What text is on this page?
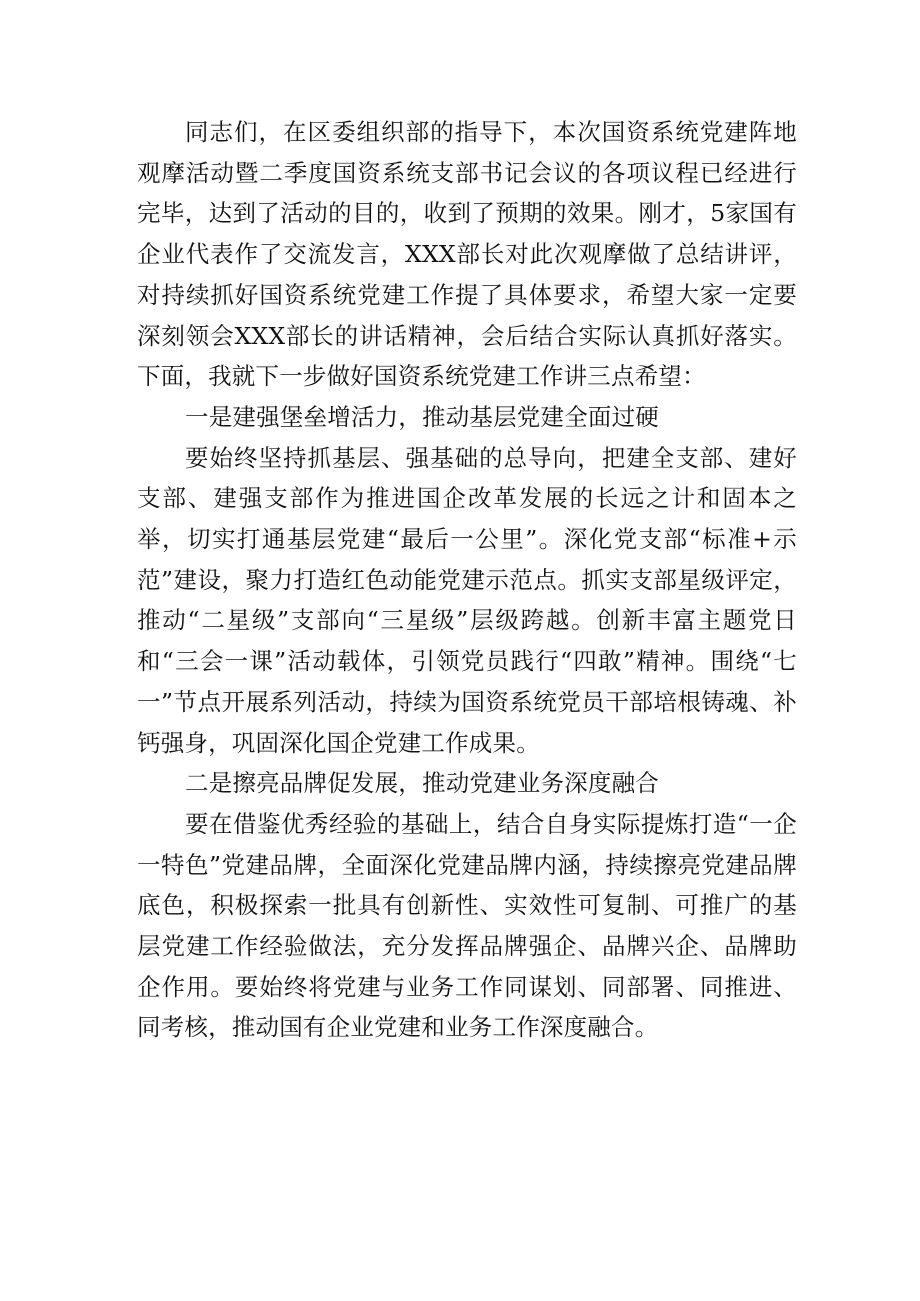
同志们，在区委组织部的指导下，本次国资系统党建阵地观摩活动暨二季度国资系统支部书记会议的各项议程已经进行完毕，达到了活动的目的，收到了预期的效果。刚才，5家国有企业代表作了交流发言，XXX部长对此次观摩做了总结讲评，对持续抓好国资系统党建工作提了具体要求，希望大家一定要深刻领会XXX部长的讲话精神，会后结合实际认真抓好落实。下面，我就下一步做好国资系统党建工作讲三点希望：

一是建强堡垒增活力，推动基层党建全面过硬

要始终坚持抓基层、强基础的总导向，把建全支部、建好支部、建强支部作为推进国企改革发展的长远之计和固本之举，切实打通基层党建“最后一公里”。深化党支部“标准+示范”建设，聚力打造红色动能党建示范点。抓实支部星级评定，推动“二星级”支部向“三星级”层级跨越。创新丰富主题党日和“三会一课”活动载体，引领党员践行“四敢”精神。围绕“七一”节点开展系列活动，持续为国资系统党员干部培根铸魂、补钙强身，巩固深化国企党建工作成果。

二是擦亮品牌促发展，推动党建业务深度融合

要在借鉴优秀经验的基础上，结合自身实际提炼打造“一企一特色”党建品牌，全面深化党建品牌内涵，持续擦亮党建品牌底色，积极探索一批具有创新性、实效性可复制、可推广的基层党建工作经验做法，充分发挥品牌强企、品牌兴企、品牌助企作用。要始终将党建与业务工作同谋划、同部署、同推进、同考核，推动国有企业党建和业务工作深度融合。
